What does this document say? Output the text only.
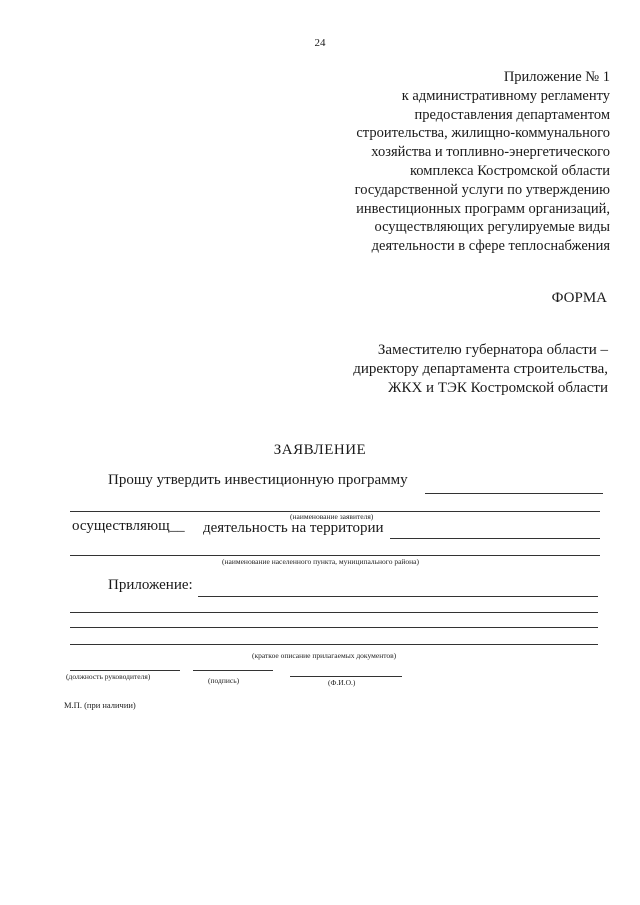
24
Приложение № 1
к административному регламенту
предоставления департаментом
строительства, жилищно-коммунального
хозяйства и топливно-энергетического
комплекса Костромской области
государственной услуги по утверждению
инвестиционных программ организаций,
осуществляющих регулируемые виды
деятельности в сфере теплоснабжения
ФОРМА
Заместителю губернатора области –
директору департамента строительства,
ЖКХ и ТЭК Костромской области
ЗАЯВЛЕНИЕ
Прошу утвердить инвестиционную программу
(наименование заявителя)
осуществляющ__ деятельность на территории
(наименование населенного пункта, муниципального района)
Приложение:
(краткое описание прилагаемых документов)
(должность руководителя)	(подпись)	(Ф.И.О.)
М.П. (при наличии)
